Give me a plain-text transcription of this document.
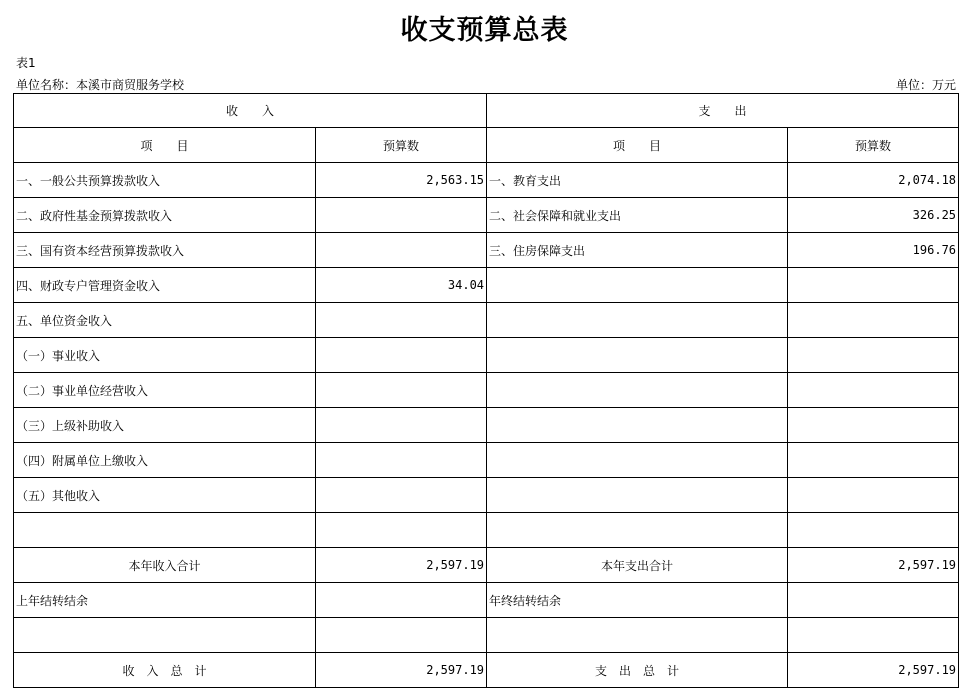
收支预算总表
表1
单位名称：本溪市商贸服务学校	单位：万元
收　　入		支　　出	
项　　目	预算数	项　　目	预算数
一、一般公共预算拨款收入	2,563.15	一、教育支出	2,074.18
二、政府性基金预算拨款收入		二、社会保障和就业支出	326.25
三、国有资本经营预算拨款收入		三、住房保障支出	196.76
四、财政专户管理资金收入	34.04		
五、单位资金收入			
（一）事业收入			
（二）事业单位经营收入			
（三）上级补助收入			
（四）附属单位上缴收入			
（五）其他收入			

本年收入合计	2,597.19	本年支出合计	2,597.19
上年结转结余		年终结转结余	

收　入　总　计	2,597.19	支　出　总　计	2,597.19
